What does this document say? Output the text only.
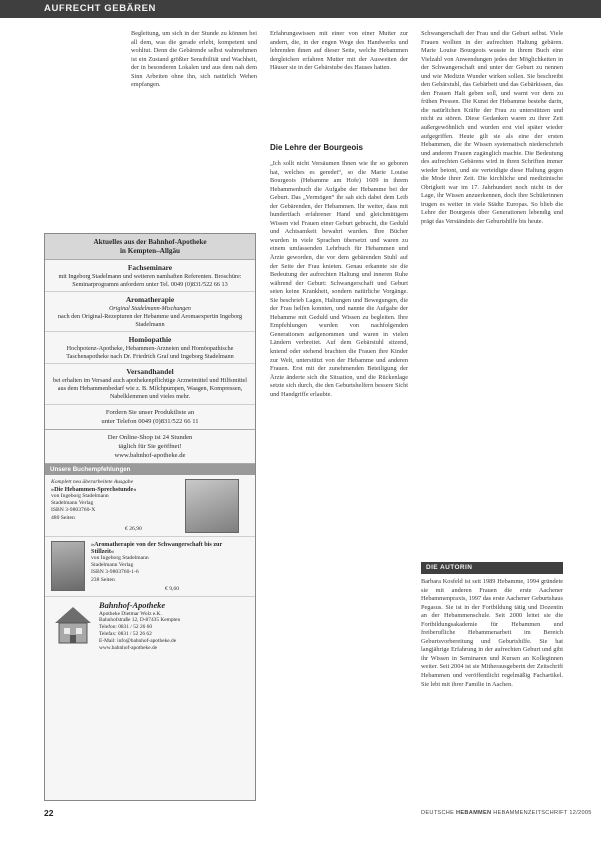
AUFRECHT GEBÄREN

Begleitung, um sich in der Stunde zu können bei all dem, was die gerade erlebt, kompetent und wohltut. Denn die Gebärende selbst wahrnehmen ist ein Zustand größter Sensibilität und Wachheit, der in besonderen Lokalen und aus dem nah dem Sinn Arbeiten ohne ihn, sich natürlich Wehen empfangen.

Erfahrungswissen mit einer von einer Mutter zur andern, die, in der engen Wege des Handwerks und lehrenden ihnen auf dieser Seite, welche Hebammen dergleichen erfahren Mutter mit der Ausweiten der Häuser sie in der Gebärstube des Hauses hatten.

Die Lehre der Bourgeois

„Ich sollt nicht Versäumen Ihnen wie ihr so geboren hat, welches es geredet“, so die Marie Louise Bourgeois (Hebamme am Hofe) 1609 in ihrem Hebammenbuch die Aufgabe der Hebamme bei der Geburt. Das „Vermögen“ ihr sah sich dabei dem Leib der Gebärenden, der Hebammen. Ihr weiter, dass mit hundertfach erfahrener Hand und gleichmütigem Wissen viel Frauen einer Geburt gebracht, die Geduld und Achtsamkeit bewahrt wurden. Ihre Bücher wurden in viele Sprachen übersetzt und waren zu einem umfassenden Lehrbuch für Hebammen und Ärzte geworden, die vor dem gebärenden Stuhl auf der Seite der Frau knieten. Genau erkannte sie die Bedeutung der aufrechten Haltung und inneren Ruhe während der Geburt: Schwangerschaft und Geburt seien keine Krankheit, sondern natürliche Vorgänge. Sie beschrieb Lagen, Haltungen und Bewegungen, die der Frau helfen konnten, und nannte die Aufgabe der Hebamme mit Geduld und Wissen zu begleiten. Ihre Empfehlungen wurden von nachfolgenden Generationen aufgenommen und waren in vielen Ländern verbreitet. Auf dem Gebärstuhl sitzend, kniend oder stehend brachten die Frauen ihre Kinder zur Welt, unterstützt von der Hebamme und anderen Frauen. Erst mit der zunehmenden Beteiligung der Ärzte änderte sich die Situation, und die Rückenlage setzte sich durch, die den Geburtshelfern bessere Sicht und Handgriffe erlaubte.

Schwangerschaft der Frau und die Geburt selbst. Viele Frauen wollten in der aufrechten Haltung gebären. Marie Louise Bourgeois wusste in ihrem Buch eine Vielzahl von Anwendungen jedes der Möglichkeiten in der Schwangerschaft und unter der Geburt zu nennen und wie Medizin Wunder wirken sollen. Sie beschreibt den Gebärstuhl, das Gebärbett und das Gebärkissen, das den Frauen Halt geben soll, und warnt vor dem zu frühen Pressen. Die Kunst der Hebamme bestehe darin, die natürlichen Kräfte der Frau zu unterstützen und nicht zu stören. Diese Gedanken waren zu ihrer Zeit außergewöhnlich und wurden erst viel später wieder aufgegriffen. Heute gilt sie als eine der ersten Hebammen, die ihr Wissen systematisch niederschrieb und anderen Frauen zugänglich machte. Die Bedeutung des aufrechten Gebärens wird in ihren Schriften immer wieder betont, und sie verteidigte diese Haltung gegen die Mode ihrer Zeit. Die kirchliche und medizinische Obrigkeit war im 17. Jahrhundert noch nicht in der Lage, ihr Wissen anzuerkennen, doch ihre Schülerinnen trugen es weiter in viele Städte Europas. So blieb die Lehre der Bourgeois über Generationen lebendig und prägt das Verständnis der Geburtshilfe bis heute.

DIE AUTORIN

Barbara Kosfeld ist seit 1989 Hebamme, 1994 gründete sie mit anderen Frauen die erste Aachener Hebammenpraxis, 1997 das erste Aachener Geburtshaus Pegasus. Sie ist in der Fortbildung tätig und Dozentin an der Hebammenschule. Seit 2000 leitet sie die Fortbildungsakademie für Hebammen und freiberufliche Hebammenarbeit im Bereich Geburtsvorbereitung und Geburtshilfe. Sie hat langjährige Erfahrung in der aufrechten Geburt und gibt ihr Wissen in Seminaren und Kursen an Kolleginnen weiter. Seit 2004 ist sie Mitherausgeberin der Zeitschrift Hebammen und veröffentlicht regelmäßig Fachartikel. Sie lebt mit ihrer Familie in Aachen.

Aktuelles aus der Bahnhof-Apotheke
in Kempten–Allgäu
Fachseminare
mit Ingeborg Stadelmann und weiteren namhaften Referenten. Broschüre: Seminarprogramm anfordern unter Tel. 0049 (0)831/522 66 13
Aromatherapie
Original Stadelmann-Mischungen
nach den Original-Rezepturen der Hebamme und Aromaexpertin Ingeborg Stadelmann
Homöopathie
Hochpotenz-Apotheke, Hebammen-Arzneien und Homöopathische Taschenapotheke nach Dr. Friedrich Graf und Ingeborg Stadelmann
Versandhandel
bei erhalten im Versand auch apothekenpflichtige Arzneimittel und Hilfsmittel aus dem Hebammenbedarf wie z. B. Milchpumpen, Waagen, Kompressen, Nabelklemmen und vieles mehr.
Fordern Sie unser Produktliste an
unter Telefon 0049 (0)831/522 66 11
Der Online-Shop ist 24 Stunden
täglich für Sie geöffnet!
www.bahnhof-apotheke.de
Unsere Buchempfehlungen
Komplett neu überarbeitete Ausgabe
»Die Hebammen-Sprechstunde«
von Ingeborg Stadelmann
Stadelmann Verlag
ISBN 3-9803760-X
480 Seiten
€ 26,90
»Aromatherapie von der Schwangerschaft bis zur Stillzeit«
von Ingeborg Stadelmann
Stadelmann Verlag
ISBN 3-9803760-1-6
238 Seiten
€ 9,60
Bahnhof-Apotheke
Apotheke Dietmar Wolz e.K.
Bahnhofstraße 12, D-87435 Kempten
Telefon: 0831 / 52 26 60
Telefax: 0831 / 52 26 62
E-Mail: info@bahnhof-apotheke.de
www.bahnhof-apotheke.de
22	DEUTSCHE HEBAMMEN HEBAMMENZEITSCHRIFT 12/2005
